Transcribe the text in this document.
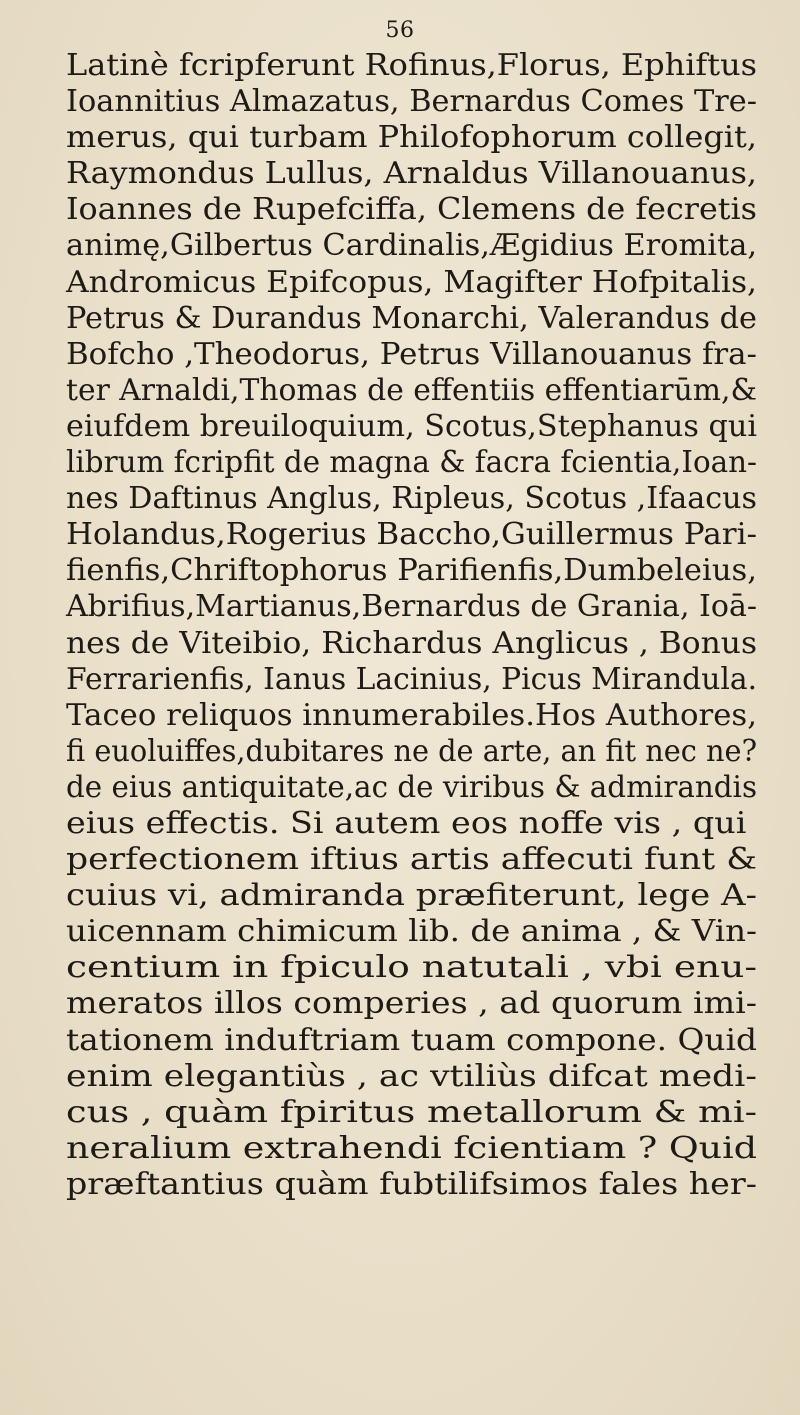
56
Latinè fcripferunt Rofinus,Florus, Ephiftus
Ioannitius Almazatus, Bernardus Comes Tre-
merus, qui turbam Philofophorum collegit,
Raymondus Lullus, Arnaldus Villanouanus,
Ioannes de Rupefciffa, Clemens de fecretis
animę,Gilbertus Cardinalis,Ægidius Eromita,
Andromicus Epifcopus, Magifter Hofpitalis,
Petrus & Durandus Monarchi, Valerandus de
Bofcho ,Theodorus, Petrus Villanouanus fra-
ter Arnaldi,Thomas de effentiis effentiarūm,&
eiufdem breuiloquium, Scotus,Stephanus qui
librum fcripfit de magna & facra fcientia,Ioan-
nes Daftinus Anglus, Ripleus, Scotus ,Ifaacus
Holandus,Rogerius Baccho,Guillermus Pari-
fienfis,Chriftophorus Parifienfis,Dumbeleius,
Abrifius,Martianus,Bernardus de Grania, Ioā-
nes de Viteibio, Richardus Anglicus , Bonus
Ferrarienfis, Ianus Lacinius, Picus Mirandula.
Taceo reliquos innumerabiles.Hos Authores,
fi euoluiffes,dubitares ne de arte, an fit nec ne?
de eius antiquitate,ac de viribus & admirandis
eius effectis. Si autem eos noffe vis , qui
perfectionem iftius artis affecuti funt &
cuius vi, admiranda præfiterunt, lege A-
uicennam chimicum lib. de anima , & Vin-
centium in fpiculo natutali , vbi enu-
meratos illos comperies , ad quorum imi-
tationem induftriam tuam compone. Quid
enim elegantiùs , ac vtiliùs difcat medi-
cus , quàm fpiritus metallorum & mi-
neralium extrahendi fcientiam ? Quid
præftantius quàm fubtilifsimos fales her-
